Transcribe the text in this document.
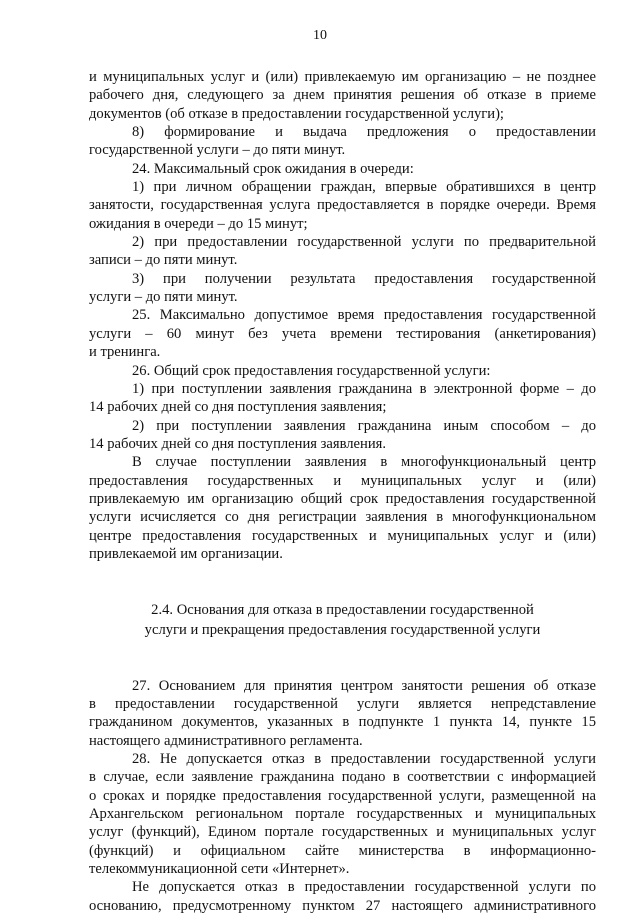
10
и муниципальных услуг и (или) привлекаемую им организацию – не позднее
рабочего дня, следующего за днем принятия решения об отказе в приеме
документов (об отказе в предоставлении государственной услуги);
8) формирование и выдача предложения о предоставлении
государственной услуги – до пяти минут.
24. Максимальный срок ожидания в очереди:
1) при личном обращении граждан, впервые обратившихся в центр
занятости, государственная услуга предоставляется в порядке очереди. Время
ожидания в очереди – до 15 минут;
2) при предоставлении государственной услуги по предварительной
записи – до пяти минут.
3) при получении результата предоставления государственной
услуги – до пяти минут.
25. Максимально допустимое время предоставления государственной
услуги – 60 минут без учета времени тестирования (анкетирования)
и тренинга.
26. Общий срок предоставления государственной услуги:
1) при поступлении заявления гражданина в электронной форме – до
14 рабочих дней со дня поступления заявления;
2) при поступлении заявления гражданина иным способом – до
14 рабочих дней со дня поступления заявления.
В случае поступлении заявления в многофункциональный центр
предоставления государственных и муниципальных услуг и (или)
привлекаемую им организацию общий срок предоставления государственной
услуги исчисляется со дня регистрации заявления в многофункциональном
центре предоставления государственных и муниципальных услуг и (или)
привлекаемой им организации.
2.4. Основания для отказа в предоставлении государственной
услуги и прекращения предоставления государственной услуги
27. Основанием для принятия центром занятости решения об отказе
в предоставлении государственной услуги является непредставление
гражданином документов, указанных в подпункте 1 пункта 14, пункте 15
настоящего административного регламента.
28. Не допускается отказ в предоставлении государственной услуги
в случае, если заявление гражданина подано в соответствии с информацией
о сроках и порядке предоставления государственной услуги, размещенной на
Архангельском региональном портале государственных и муниципальных
услуг (функций), Едином портале государственных и муниципальных услуг
(функций) и официальном сайте министерства в информационно-
телекоммуникационной сети «Интернет».
Не допускается отказ в предоставлении государственной услуги по
основанию, предусмотренному пунктом 27 настоящего административного
